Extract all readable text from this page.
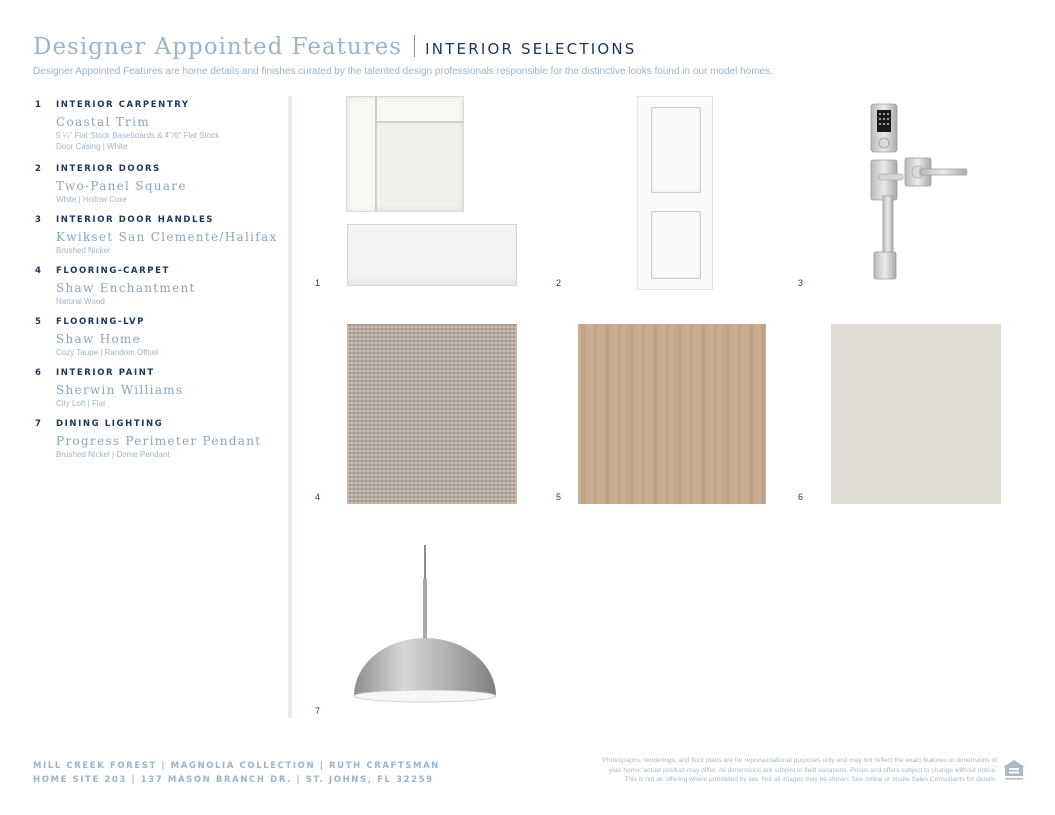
Designer Appointed Features INTERIOR SELECTIONS
Designer Appointed Features are home details and finishes curated by the talented design professionals responsible for the distinctive looks found in our model homes.
1 INTERIOR CARPENTRY
Coastal Trim
5 ¼" Flat Stock Baseboards & 4"/6" Flat Stock
Door Casing | White
2 INTERIOR DOORS
Two-Panel Square
White | Hollow Core
3 INTERIOR DOOR HANDLES
Kwikset San Clemente/Halifax
Brushed Nickel
4 FLOORING-CARPET
Shaw Enchantment
Natural Wood
5 FLOORING-LVP
Shaw Home
Cozy Taupe | Random Offset
6 INTERIOR PAINT
Sherwin Williams
City Loft | Flat
7 DINING LIGHTING
Progress Perimeter Pendant
Brushed Nickel | Dome Pendant
1	2	3
4	5	6
7
MILL CREEK FOREST | MAGNOLIA COLLECTION | RUTH CRAFTSMAN
HOME SITE 203 | 137 MASON BRANCH DR. | ST. JOHNS, FL 32259
Photographs, renderings, and floor plans are for representational purposes only and may not reflect the exact features or dimensions of
your home; actual product may differ. All dimensions are subject to field variations. Prices and offers subject to change without notice.
This is not an offering where prohibited by law. Not all images may be shown. See online or onsite Sales Consultants for details.
